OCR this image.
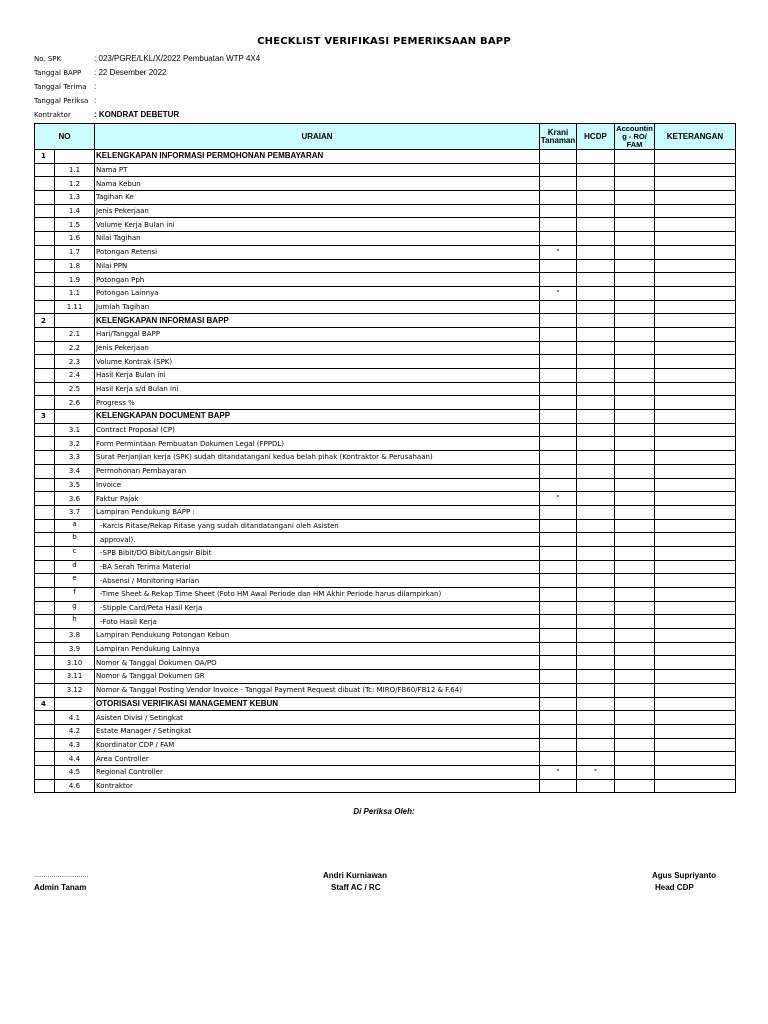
CHECKLIST VERIFIKASI PEMERIKSAAN BAPP
No. SPK	: 023/PGRE/LKL/X/2022 Pembuatan WTP 4X4
Tanggal BAPP : 22 Desember 2022
Tanggal Terima :
Tanggal Periksa :
Kontraktor	: KONDRAT DEBETUR
NO		URAIAN	Krani Tanaman	HCDP	Accountin g - RO/ FAM	KETERANGAN
1		KELENGKAPAN INFORMASI PERMOHONAN PEMBAYARAN				
	1.1	Nama PT				
	1.2	Nama Kebun				
	1.3	Tagihan Ke				
	1.4	Jenis Pekerjaan				
	1.5	Volume Kerja Bulan ini				
	1.6	Nilai Tagihan				
	1.7	Potongan Retensi	-			
	1.8	Nilai PPN				
	1.9	Potongan Pph				
	1.1	Potongan Lainnya	-			
	1.11	Jumlah Tagihan				
2		KELENGKAPAN INFORMASI BAPP				
	2.1	Hari/Tanggal BAPP				
	2.2	Jenis Pekerjaan				
	2.3	Volume Kontrak (SPK)				
	2.4	Hasil Kerja Bulan ini				
	2.5	Hasil Kerja s/d Bulan ini				
	2.6	Progress %				
3		KELENGKAPAN DOCUMENT BAPP				
	3.1	Contract Proposal (CP)				
	3.2	Form Permintaan Pembuatan Dokumen Legal (FPPDL)				
	3.3	Surat Perjanjian kerja (SPK) sudah ditandatangani kedua belah pihak (Kontraktor & Perusahaan)				
	3.4	Permohonan Pembayaran				
	3.5	Invoice				
	3.6	Faktur Pajak	-			
	3.7	Lampiran Pendukung BAPP :				
	a	-Karcis Ritase/Rekap Ritase yang sudah ditandatangani oleh Asisten				
	b	approval).				
	c	-SPB Bibit/DO Bibit/Langsir Bibit				
	d	-BA Serah Terima Material				
	e	-Absensi / Monitoring Harian				
	f	-Time Sheet & Rekap Time Sheet (Foto HM Awal Periode dan HM Akhir Periode harus dilampirkan)				
	g	-Stipple Card/Peta Hasil Kerja				
	h	-Foto Hasil Kerja				
	3.8	Lampiran Pendukung Potongan Kebun				
	3.9	Lampiran Pendukung Lainnya				
	3.10	Nomor & Tanggal Dokumen OA/PO				
	3.11	Nomor & Tanggal Dokumen GR				
	3.12	Nomor & Tanggal Posting Vendor Invoice - Tanggal Payment Request dibuat (Tc: MIRO/FB60/FB12 & F.64)				
4		OTORISASI VERIFIKASI MANAGEMENT KEBUN				
	4.1	Asisten Divisi / Setingkat				
	4.2	Estate Manager / Setingkat				
	4.3	Koordinator CDP / FAM				
	4.4	Area Controller				
	4.5	Regional Controller	-	-		
	4.6	Kontraktor				
Di Periksa Oleh:
............................
Admin Tanam
Andri Kurniawan
Staff AC / RC
Agus Supriyanto
Head CDP
